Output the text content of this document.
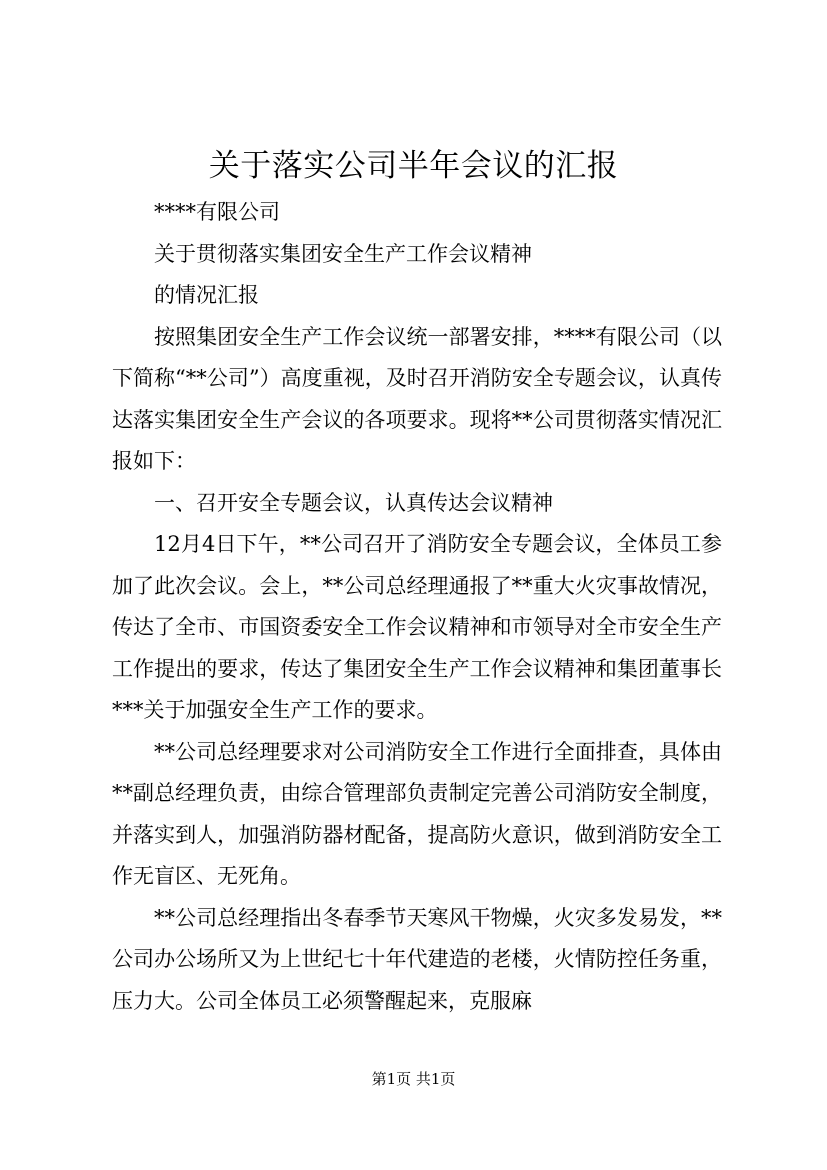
关于落实公司半年会议的汇报

****有限公司

关于贯彻落实集团安全生产工作会议精神

的情况汇报

按照集团安全生产工作会议统一部署安排，****有限公司（以下简称“**公司”）高度重视，及时召开消防安全专题会议，认真传达落实集团安全生产会议的各项要求。现将**公司贯彻落实情况汇报如下：

一、召开安全专题会议，认真传达会议精神

12月4日下午，**公司召开了消防安全专题会议，全体员工参加了此次会议。会上，**公司总经理通报了**重大火灾事故情况，传达了全市、市国资委安全工作会议精神和市领导对全市安全生产工作提出的要求，传达了集团安全生产工作会议精神和集团董事长***关于加强安全生产工作的要求。

**公司总经理要求对公司消防安全工作进行全面排查，具体由**副总经理负责，由综合管理部负责制定完善公司消防安全制度，并落实到人，加强消防器材配备，提高防火意识，做到消防安全工作无盲区、无死角。

**公司总经理指出冬春季节天寒风干物燥，火灾多发易发，**公司办公场所又为上世纪七十年代建造的老楼，火情防控任务重，压力大。公司全体员工必须警醒起来，克服麻

第1页 共1页
